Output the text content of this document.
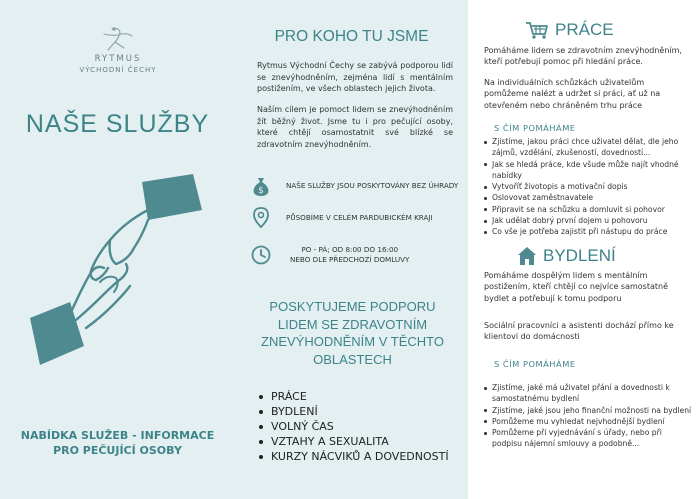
RYTMUS
VÝCHODNÍ ČECHY
NAŠE SLUŽBY
NABÍDKA SLUŽEB - INFORMACE PRO PEČUJÍCÍ OSOBY
PRO KOHO TU JSME

Rytmus Východní Čechy se zabývá podporou lidí se znevýhodněním, zejména lidí s mentálním postižením, ve všech oblastech jejich života.

Naším cílem je pomoct lidem se znevýhodněním žít běžný život. Jsme tu i pro pečující osoby, které chtějí osamostatnit své blízké se zdravotním znevýhodněním.

$
NAŠE SLUŽBY JSOU POSKYTOVÁNY BEZ ÚHRADY
PŮSOBÍME V CELÉM PARDUBICKÉM KRAJI
PO - PÁ; OD 8:00 DO 16:00
NEBO DLE PŘEDCHOZÍ DOMLUVY
POSKYTUJEME PODPORU LIDEM SE ZDRAVOTNÍM ZNEVÝHODNĚNÍM V TĚCHTO OBLASTECH
PRÁCE
BYDLENÍ
VOLNÝ ČAS
VZTAHY A SEXUALITA
KURZY NÁCVIKŮ A DOVEDNOSTÍ
PRÁCE

Pomáháme lidem se zdravotním znevýhodněním, kteří potřebují pomoc při hledání práce.

Na individuálních schůzkách uživatelům pomůžeme nalézt a udržet si práci, ať už na otevřeném nebo chráněném trhu práce

S ČÍM POMÁHÁME
Zjistíme, jakou práci chce uživatel dělat, dle jeho zájmů, vzdělání, zkušeností, dovedností...
Jak se hledá práce, kde všude může najít vhodné nabídky
Vytvoříť životopis a motivační dopis
Oslovovat zaměstnavatele
Připravit se na schůzku a domluvit si pohovor
Jak udělat dobrý první dojem u pohovoru
Co vše je potřeba zajistit při nástupu do práce
BYDLENÍ

Pomáháme dospělým lidem s mentálním postižením, kteří chtějí co nejvíce samostatně bydlet a potřebují k tomu podporu

Sociální pracovníci a asistenti dochází přímo ke klientovi do domácnosti

S ČÍM POMÁHÁME
Zjistíme, jaké má uživatel přání a dovednosti k samostatnému bydlení
Zjistíme, jaké jsou jeho finanční možnosti na bydlení
Pomůžeme mu vyhledat nejvhodnější bydlení
Pomůžeme při vyjednávání s úřady, nebo při podpisu nájemní smlouvy a podobně...
